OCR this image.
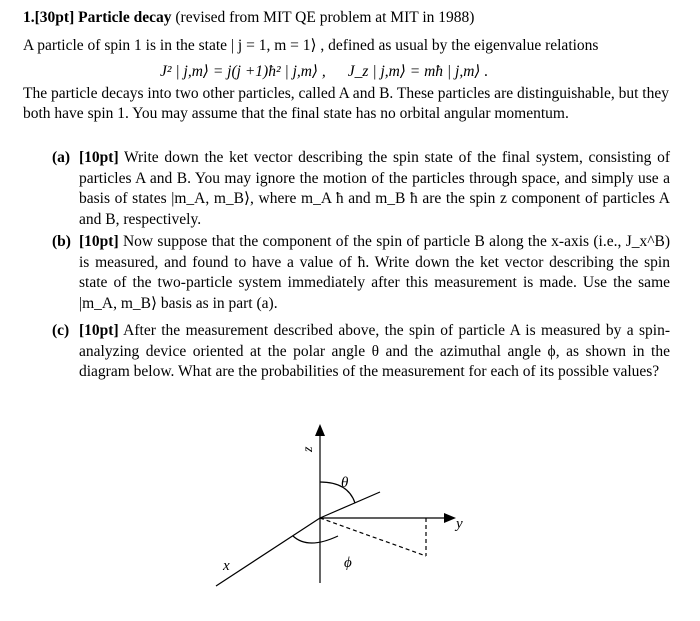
1.[30pt] Particle decay (revised from MIT QE problem at MIT in 1988)
A particle of spin 1 is in the state | j = 1, m = 1⟩ , defined as usual by the eigenvalue relations
J² | j,m⟩ = j(j +1)ħ² | j,m⟩ , J_z | j,m⟩ = mħ | j,m⟩ .
The particle decays into two other particles, called A and B. These particles are distinguishable, but they both have spin 1. You may assume that the final state has no orbital angular momentum.
(a) [10pt] Write down the ket vector describing the spin state of the final system, consisting of particles A and B. You may ignore the motion of the particles through space, and simply use a basis of states |m_A, m_B⟩, where m_A ħ and m_B ħ are the spin z component of particles A and B, respectively.
(b) [10pt] Now suppose that the component of the spin of particle B along the x-axis (i.e., J_x^B) is measured, and found to have a value of ħ. Write down the ket vector describing the spin state of the two-particle system immediately after this measurement is made. Use the same |m_A, m_B⟩ basis as in part (a).
(c) [10pt] After the measurement described above, the spin of particle A is measured by a spin-analyzing device oriented at the polar angle θ and the azimuthal angle ϕ, as shown in the diagram below. What are the probabilities of the measurement for each of its possible values?
z
θ
y
x	ϕ
